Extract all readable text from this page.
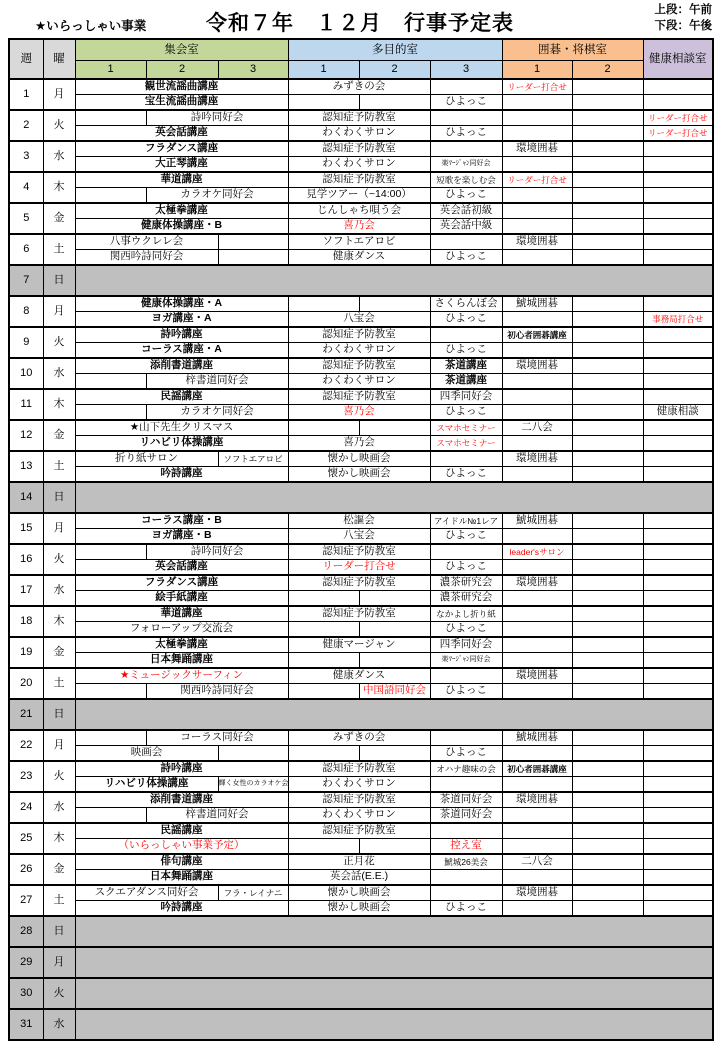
★いらっしゃい事業	令和７年　１２月　行事予定表
上段：午前
下段：午後
週	曜	集会室			多目的室			囲碁・将棋室		健康相談室
		1	2	3	1	2	3	1	2	
1	月	観世流謡曲講座			みずきの会			リーダー打合せ		
		宝生流謡曲講座					ひよっこ			
2	火		詩吟同好会		認知症予防教室					リーダー打合せ
		英会話講座			わくわくサロン		ひよっこ			リーダー打合せ
3	水	フラダンス講座			認知症予防教室			環境囲碁		
		大正琴講座			わくわくサロン		楽ﾏｰｼﾞｬﾝ同好会			
4	木	華道講座			認知症予防教室		短歌を楽しむ会	リーダー打合せ		
			カラオケ同好会		見学ツアー（~14:00）		ひよっこ			
5	金	太極拳講座			じんしゃち唄う会		英会話初級			
		健康体操講座・B			喜乃会		英会話中級			
6	土	八事ウクレレ会			ソフトエアロビ			環境囲碁		
		関西吟詩同好会			健康ダンス		ひよっこ			
7	日									
8	月	健康体操講座・A					さくらんぼ会	鯱城囲碁		
		ヨガ講座・A			八宝会		ひよっこ			事務局打合せ
9	火	詩吟講座			認知症予防教室			初心者囲碁講座		
		コーラス講座・A			わくわくサロン		ひよっこ			
10	水	添削書道講座			認知症予防教室		茶道講座	環境囲碁		
			梓書道同好会		わくわくサロン		茶道講座			
11	木	民謡講座			認知症予防教室		四季同好会			
			カラオケ同好会		喜乃会		ひよっこ			健康相談
12	金	★山下先生クリスマス					スマホセミナー	二八会		
		リハビリ体操講座			喜乃会		スマホセミナー			
13	土	折り紙サロン		ソフトエアロビ	懐かし映画会			環境囲碁		
		吟詩講座			懐かし映画会		ひよっこ			
14	日									
15	月	コーラス講座・B			松謳会		アイドル№1レア	鯱城囲碁		
		ヨガ講座・B			八宝会		ひよっこ			
16	火		詩吟同好会		認知症予防教室			leader'sサロン		
		英会話講座			リーダー打合せ		ひよっこ			
17	水	フラダンス講座			認知症予防教室		濃茶研究会	環境囲碁		
		絵手紙講座					濃茶研究会			
18	木	華道講座			認知症予防教室		なかよし折り紙			
		フォローアップ交流会					ひよっこ			
19	金	太極拳講座			健康マージャン		四季同好会			
		日本舞踊講座					楽ﾏｰｼﾞｬﾝ同好会			
20	土	★ミュージックサーフィン			健康ダンス			環境囲碁		
			関西吟詩同好会			中国語同好会	ひよっこ			
21	日									
22	月		コーラス同好会		みずきの会			鯱城囲碁		
		映画会					ひよっこ			
23	火	詩吟講座			認知症予防教室		オハナ趣味の会	初心者囲碁講座		
		リハビリ体操講座		輝く女性のカラオケ会	わくわくサロン					
24	水	添削書道講座			認知症予防教室		茶道同好会	環境囲碁		
			梓書道同好会		わくわくサロン		茶道同好会			
25	木	民謡講座			認知症予防教室					
		（いらっしゃい事業予定）					控え室			
26	金	俳句講座			正月花		鯱城26美会	二八会		
		日本舞踊講座			英会話(E.E.)					
27	土	スクエアダンス同好会		フラ・レイナニ	懐かし映画会			環境囲碁		
		吟詩講座			懐かし映画会		ひよっこ			
28	日									
29	月									
30	火									
31	水									
